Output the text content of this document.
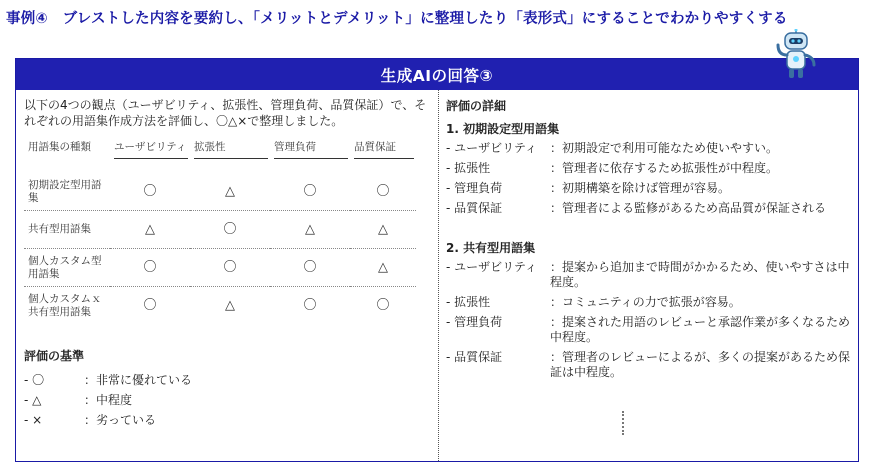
事例④　ブレストした内容を要約し、「メリットとデメリット」に整理したり「表形式」にすることでわかりやすくする
生成AIの回答③
以下の4つの観点（ユーザビリティ、拡張性、管理負荷、品質保証）で、それぞれの用語集作成方法を評価し、〇△×で整理しました。
用語集の種類	ユーザビリティ	拡張性	管理負荷	品質保証
初期設定型用語集	〇	△	〇	〇
共有型用語集	△	〇	△	△
個人カスタム型用語集	〇	〇	〇	△
個人カスタムｘ共有型用語集	〇	△	〇	〇
評価の基準
- 〇	：非常に優れている
- △	：中程度
- ×	：劣っている
評価の詳細
1. 初期設定型用語集
- ユーザビリティ	：初期設定で利用可能なため使いやすい。
- 拡張性	：管理者に依存するため拡張性が中程度。
- 管理負荷	：初期構築を除けば管理が容易。
- 品質保証	：管理者による監修があるため高品質が保証される
2. 共有型用語集
- ユーザビリティ	：提案から追加まで時間がかかるため、使いやすさは中程度。
- 拡張性	：コミュニティの力で拡張が容易。
- 管理負荷	：提案された用語のレビューと承認作業が多くなるため中程度。
- 品質保証	：管理者のレビューによるが、多くの提案があるため保証は中程度。
